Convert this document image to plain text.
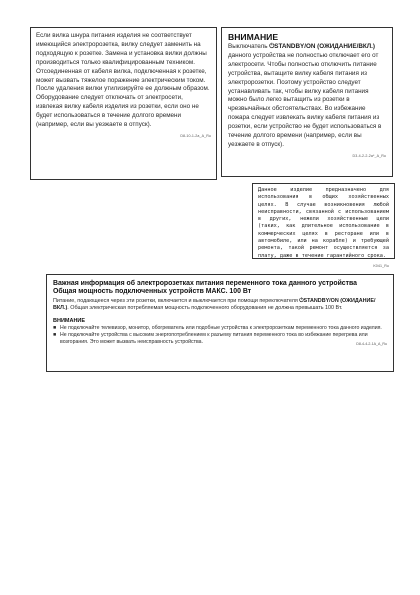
Если вилка шнура питания изделия не соответствует имеющийся электророзетка, вилку следует заменить на подходящую к розетке. Замена и установка вилки должны производиться только квалифицированным техником. Отсоединенная от кабеля вилка, подключенная к розетке, может вызвать тяжелое поражение электрическим током. После удаления вилки утилизируйте ее должным образом. Оборудование следует отключать от электросети, извлекая вилку кабеля изделия из розетки, если оно не будет использоваться в течение долгого времени (например, если вы уезжаете в отпуск).

D8-10-1-2a_A_Ru
ВНИМАНИЕ

Выключатель ⏻STANDBY/ON (ОЖИДАНИЕ/ВКЛ.) данного устройства не полностью отключает его от электросети. Чтобы полностью отключить питание устройства, вытащите вилку кабеля питания из электророзетки. Поэтому устройство следует устанавливать так, чтобы вилку кабеля питания можно было легко вытащить из розетки в чрезвычайных обстоятельствах. Во избежание пожара следует извлекать вилку кабеля питания из розетки, если устройство не будет использоваться в течение долгого времени (например, если вы уезжаете в отпуск).

D3-4-2-2-2a*_A_Ru

Данное изделие предназначено для использования в общих хозяйственных целях. В случае возникновения любой неисправности, связанной с использованием в других, нежели хозяйственные цели (таких, как длительное использование в коммерческих целях в ресторане или в автомобиле, или на корабле) и требующей ремонта, такой ремонт осуществляется за плату, даже в течение гарантийного срока.

K041_Ru
Важная информация об электророзетках питания переменного тока данного устройства
Общая мощность подключенных устройств МАКС. 100 Вт

Питание, подающееся через эти розетки, включается и выключается при помощи переключателя ⏻STANDBY/ON (ОЖИДАНИЕ/ВКЛ.). Общая электрическая потребляемая мощность подключенного оборудования не должна превышать 100 Вт.

ВНИМАНИЕ
■ Не подключайте телевизор, монитор, обогреватель или подобные устройства к электророзеткам переменного тока данного изделия.
■ Не подключайте устройства с высоким энергопотреблением к разъему питания переменного тока во избежание перегрева или возгорания. Это может вызвать неисправность устройства.	D8-4-4-2-1A_A_Ru
